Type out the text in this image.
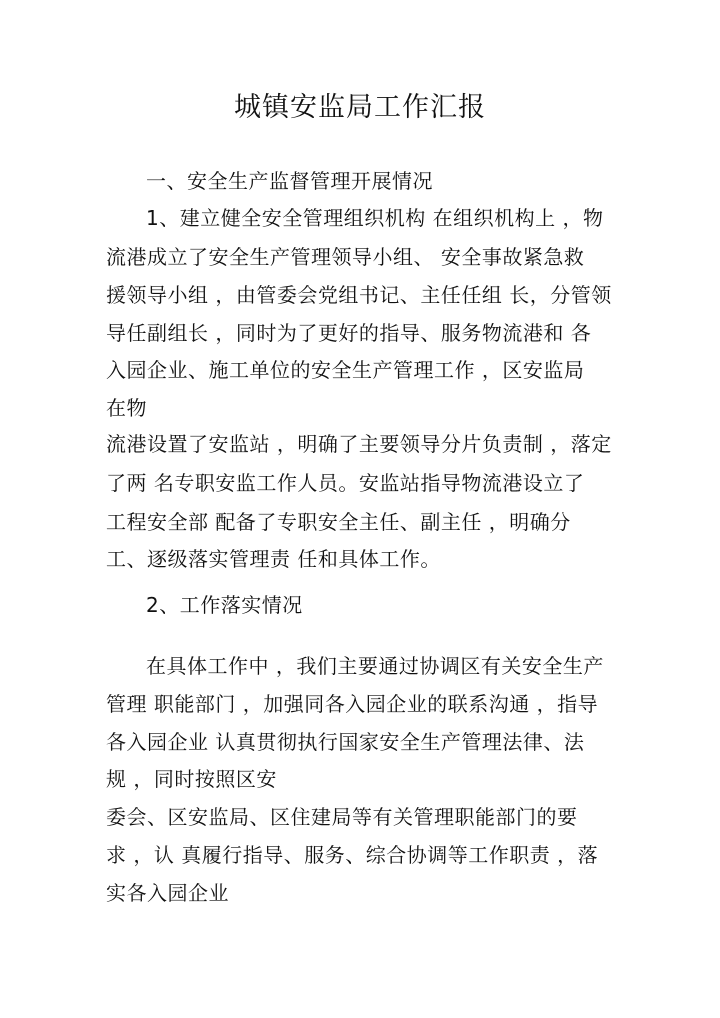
城镇安监局工作汇报
一、安全生产监督管理开展情况
1、建立健全安全管理组织机构 在组织机构上 ，物
流港成立了安全生产管理领导小组、 安全事故紧急救
援领导小组 ，由管委会党组书记、主任任组 长，分管领
导任副组长 ，同时为了更好的指导、服务物流港和 各
入园企业、施工单位的安全生产管理工作 ，区安监局
在物
流港设置了安监站 ，明确了主要领导分片负责制 ，落定
了两 名专职安监工作人员。安监站指导物流港设立了
工程安全部 配备了专职安全主任、副主任 ，明确分
工、逐级落实管理责 任和具体工作。
2、工作落实情况
在具体工作中 ，我们主要通过协调区有关安全生产
管理 职能部门 ，加强同各入园企业的联系沟通 ，指导
各入园企业 认真贯彻执行国家安全生产管理法律、法
规 ，同时按照区安
委会、区安监局、区住建局等有关管理职能部门的要
求 ，认 真履行指导、服务、综合协调等工作职责 ，落
实各入园企业
